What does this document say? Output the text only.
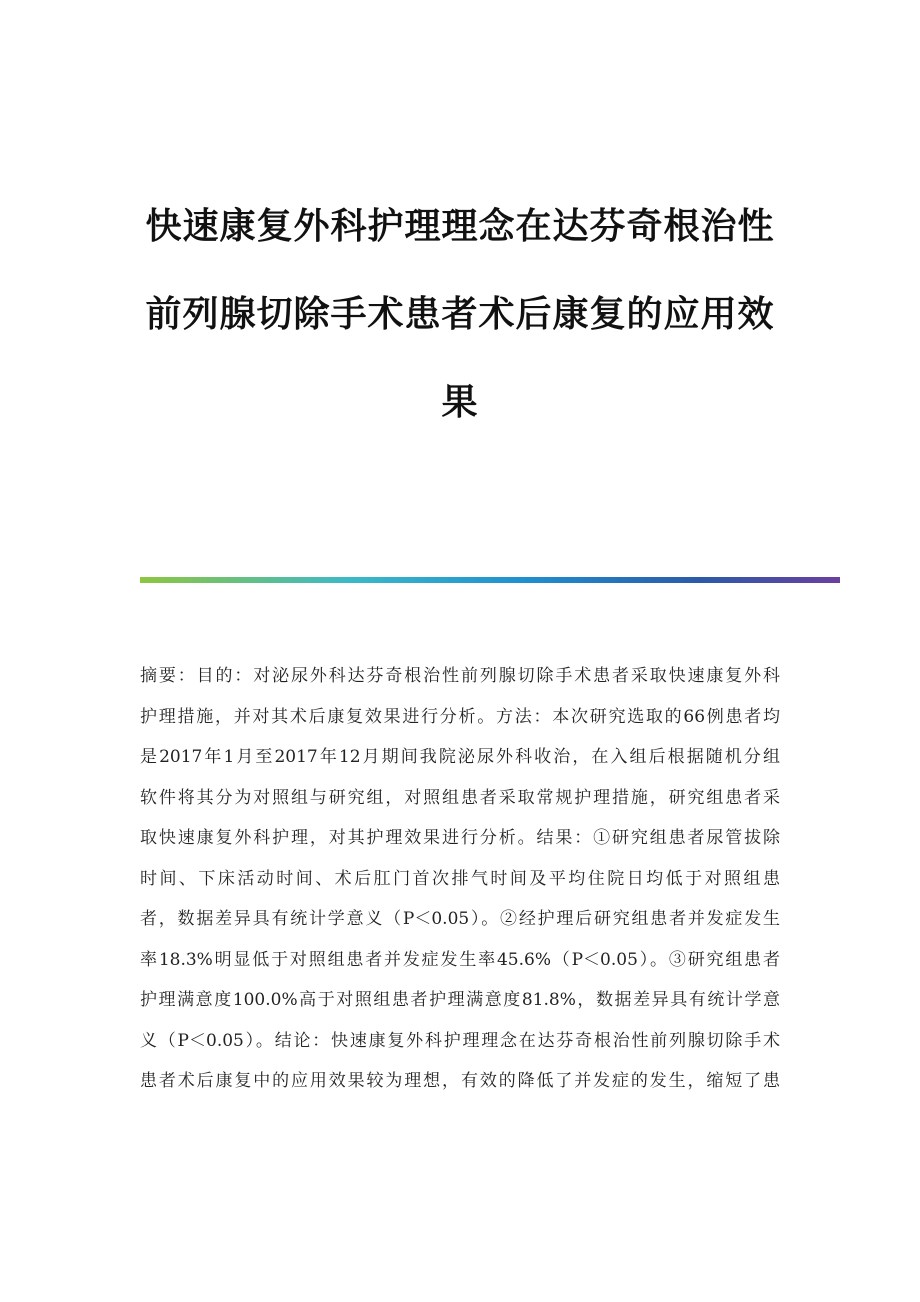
快速康复外科护理理念在达芬奇根治性
前列腺切除手术患者术后康复的应用效
果
摘要：目的：对泌尿外科达芬奇根治性前列腺切除手术患者采取快速康复外科
护理措施，并对其术后康复效果进行分析。方法：本次研究选取的66例患者均
是2017年1月至2017年12月期间我院泌尿外科收治，在入组后根据随机分组
软件将其分为对照组与研究组，对照组患者采取常规护理措施，研究组患者采
取快速康复外科护理，对其护理效果进行分析。结果：①研究组患者尿管拔除
时间、下床活动时间、术后肛门首次排气时间及平均住院日均低于对照组患
者，数据差异具有统计学意义（P＜0.05）。②经护理后研究组患者并发症发生
率18.3%明显低于对照组患者并发症发生率45.6%（P＜0.05）。③研究组患者
护理满意度100.0%高于对照组患者护理满意度81.8%，数据差异具有统计学意
义（P＜0.05）。结论：快速康复外科护理理念在达芬奇根治性前列腺切除手术
患者术后康复中的应用效果较为理想，有效的降低了并发症的发生，缩短了患
